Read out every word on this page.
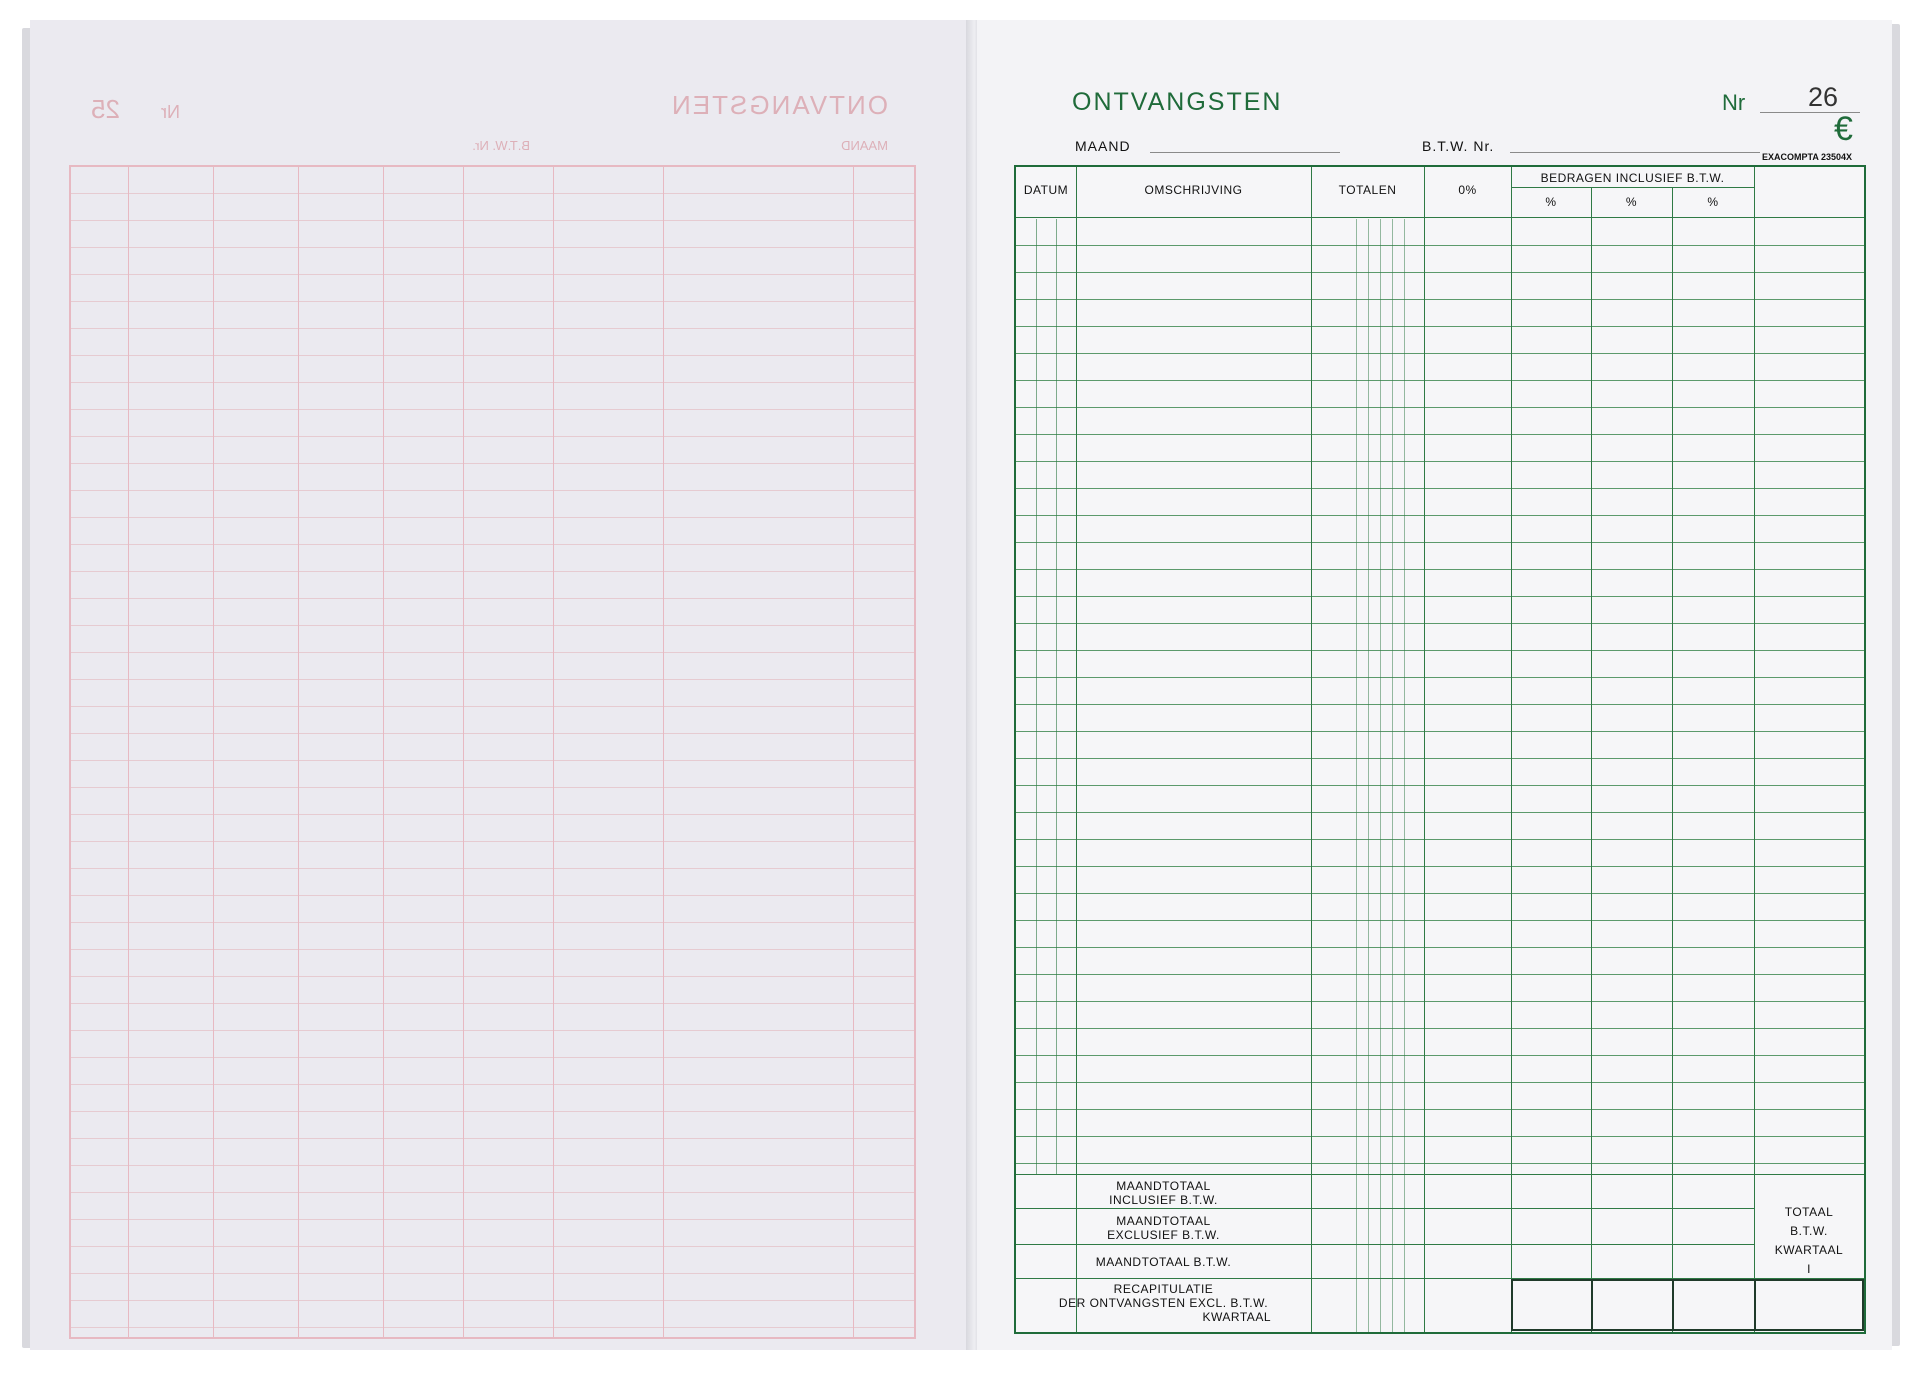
ONTVANGSTEN
MAAND
B.T.W. Nr.
Nr
25	ONTVANGSTEN
MAAND	B.T.W. Nr.
Nr 26
€
EXACOMPTA 23504X
DATUM	OMSCHRIJVING	TOTALEN	0%
BEDRAGEN INCLUSIEF B.T.W.
%	%	%
MAANDTOTAAL
INCLUSIEF B.T.W.
MAANDTOTAAL
EXCLUSIEF B.T.W.
MAANDTOTAAL B.T.W.
RECAPITULATIE
DER ONTVANGSTEN EXCL. B.T.W.
KWARTAAL
TOTAAL
B.T.W.
KWARTAAL
I
